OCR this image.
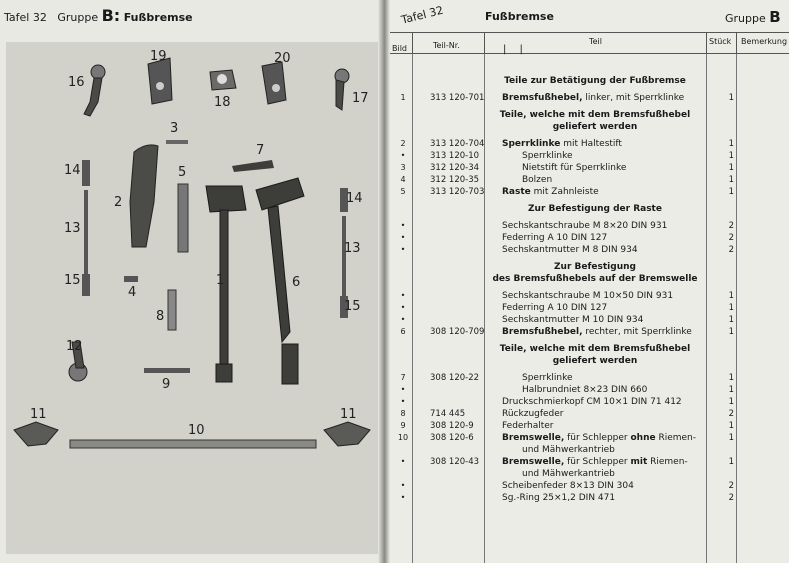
Tafel 32 Gruppe B: Fußbremse
16
19
18
20
17
3
7
14
2
5
14
13
13
1	6
15
4
8
15
12
9
11
10
11
Tafel 32	Fußbremse	Gruppe B
Bild	Teil-Nr.	Teil
| |
Stück	Bemerkung
Teile zur Betätigung der Fußbremse
1	313 120-701 Bremsfußhebel, linker, mit Sperrklinke	1
Teile, welche mit dem Bremsfußhebel
geliefert werden
2	313 120-704 Sperrklinke mit Haltestift	1
•	313 120-10	Sperrklinke	1
3	312 120-34	Nietstift für Sperrklinke	1
4	312 120-35	Bolzen	1
5	313 120-703 Raste mit Zahnleiste	1
Zur Befestigung der Raste
•	Sechskantschraube M 8×20 DIN 931	2
•	Federring A 10 DIN 127	2
•	Sechskantmutter M 8 DIN 934	2
Zur Befestigung
des Bremsfußhebels auf der Bremswelle
•	Sechskantschraube M 10×50 DIN 931	1
•	Federring A 10 DIN 127	1
•	Sechskantmutter M 10 DIN 934	1
6	308 120-709 Bremsfußhebel, rechter, mit Sperrklinke	1
Teile, welche mit dem Bremsfußhebel
geliefert werden
7	308 120-22	Sperrklinke	1
•	Halbrundniet 8×23 DIN 660	1
•	Druckschmierkopf CM 10×1 DIN 71 412	1
8	714 445	Rückzugfeder	2
9	308 120-9	Federhalter	1
10	308 120-6	Bremswelle, für Schlepper ohne Riemen-	1
und Mähwerkantrieb
•	308 120-43	Bremswelle, für Schlepper mit Riemen-	1
und Mähwerkantrieb
•	Scheibenfeder 8×13 DIN 304	2
•	Sg.-Ring 25×1,2 DIN 471	2
